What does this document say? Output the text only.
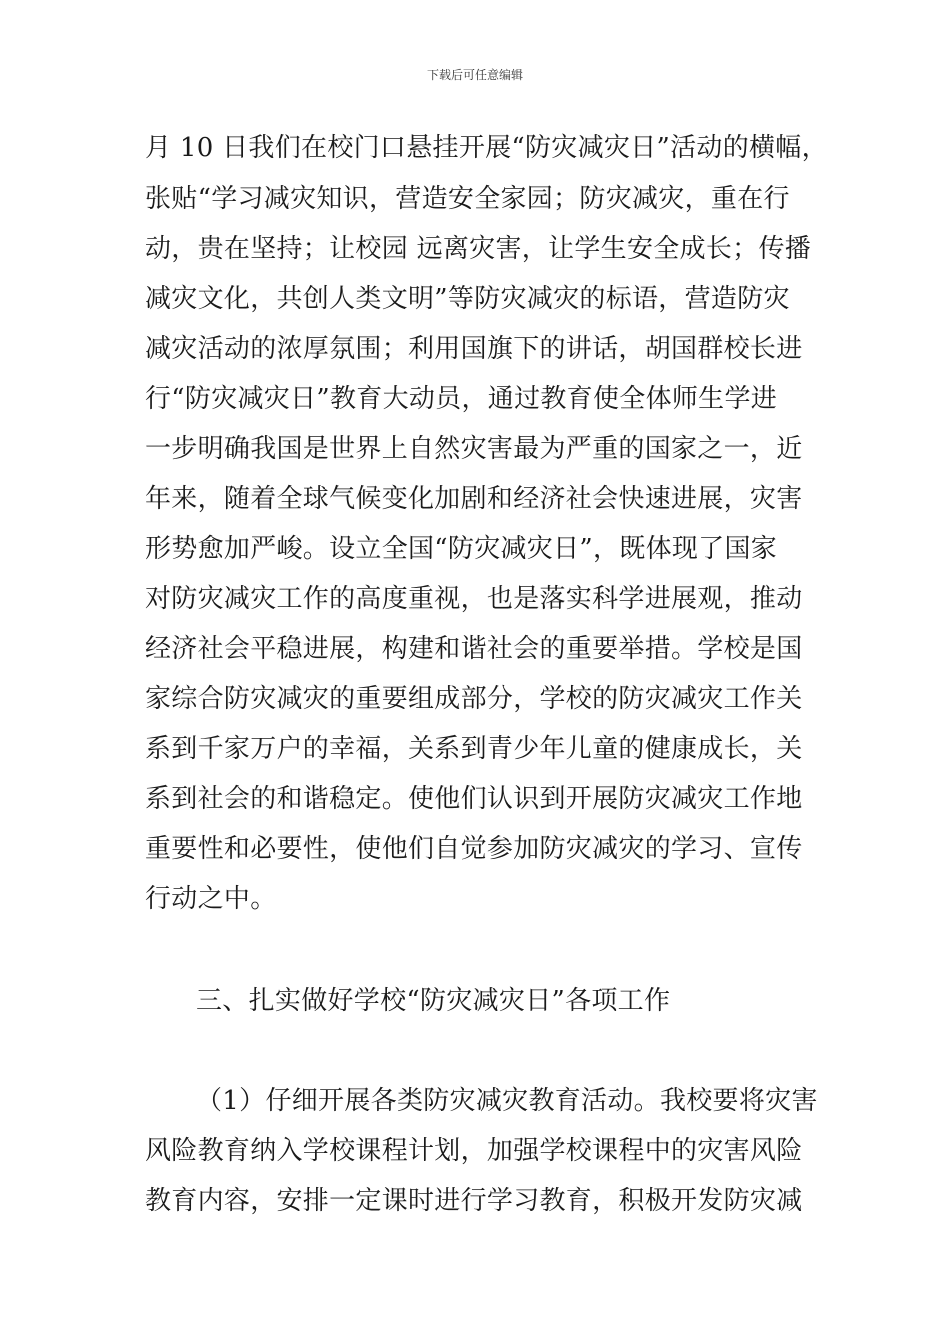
下载后可任意编辑
月 10 日我们在校门口悬挂开展“防灾减灾日”活动的横幅，
张贴“学习减灾知识，营造安全家园；防灾减灾，重在行
动，贵在坚持；让校园 远离灾害，让学生安全成长；传播
减灾文化，共创人类文明”等防灾减灾的标语，营造防灾
减灾活动的浓厚氛围；利用国旗下的讲话，胡国群校长进
行“防灾减灾日”教育大动员，通过教育使全体师生学进
一步明确我国是世界上自然灾害最为严重的国家之一，近
年来，随着全球气候变化加剧和经济社会快速进展，灾害
形势愈加严峻。设立全国“防灾减灾日”，既体现了国家
对防灾减灾工作的高度重视，也是落实科学进展观，推动
经济社会平稳进展，构建和谐社会的重要举措。学校是国
家综合防灾减灾的重要组成部分，学校的防灾减灾工作关
系到千家万户的幸福，关系到青少年儿童的健康成长，关
系到社会的和谐稳定。使他们认识到开展防灾减灾工作地
重要性和必要性，使他们自觉参加防灾减灾的学习、宣传
行动之中。
三、扎实做好学校“防灾减灾日”各项工作
（1）仔细开展各类防灾减灾教育活动。我校要将灾害
风险教育纳入学校课程计划，加强学校课程中的灾害风险
教育内容，安排一定课时进行学习教育，积极开发防灾减
